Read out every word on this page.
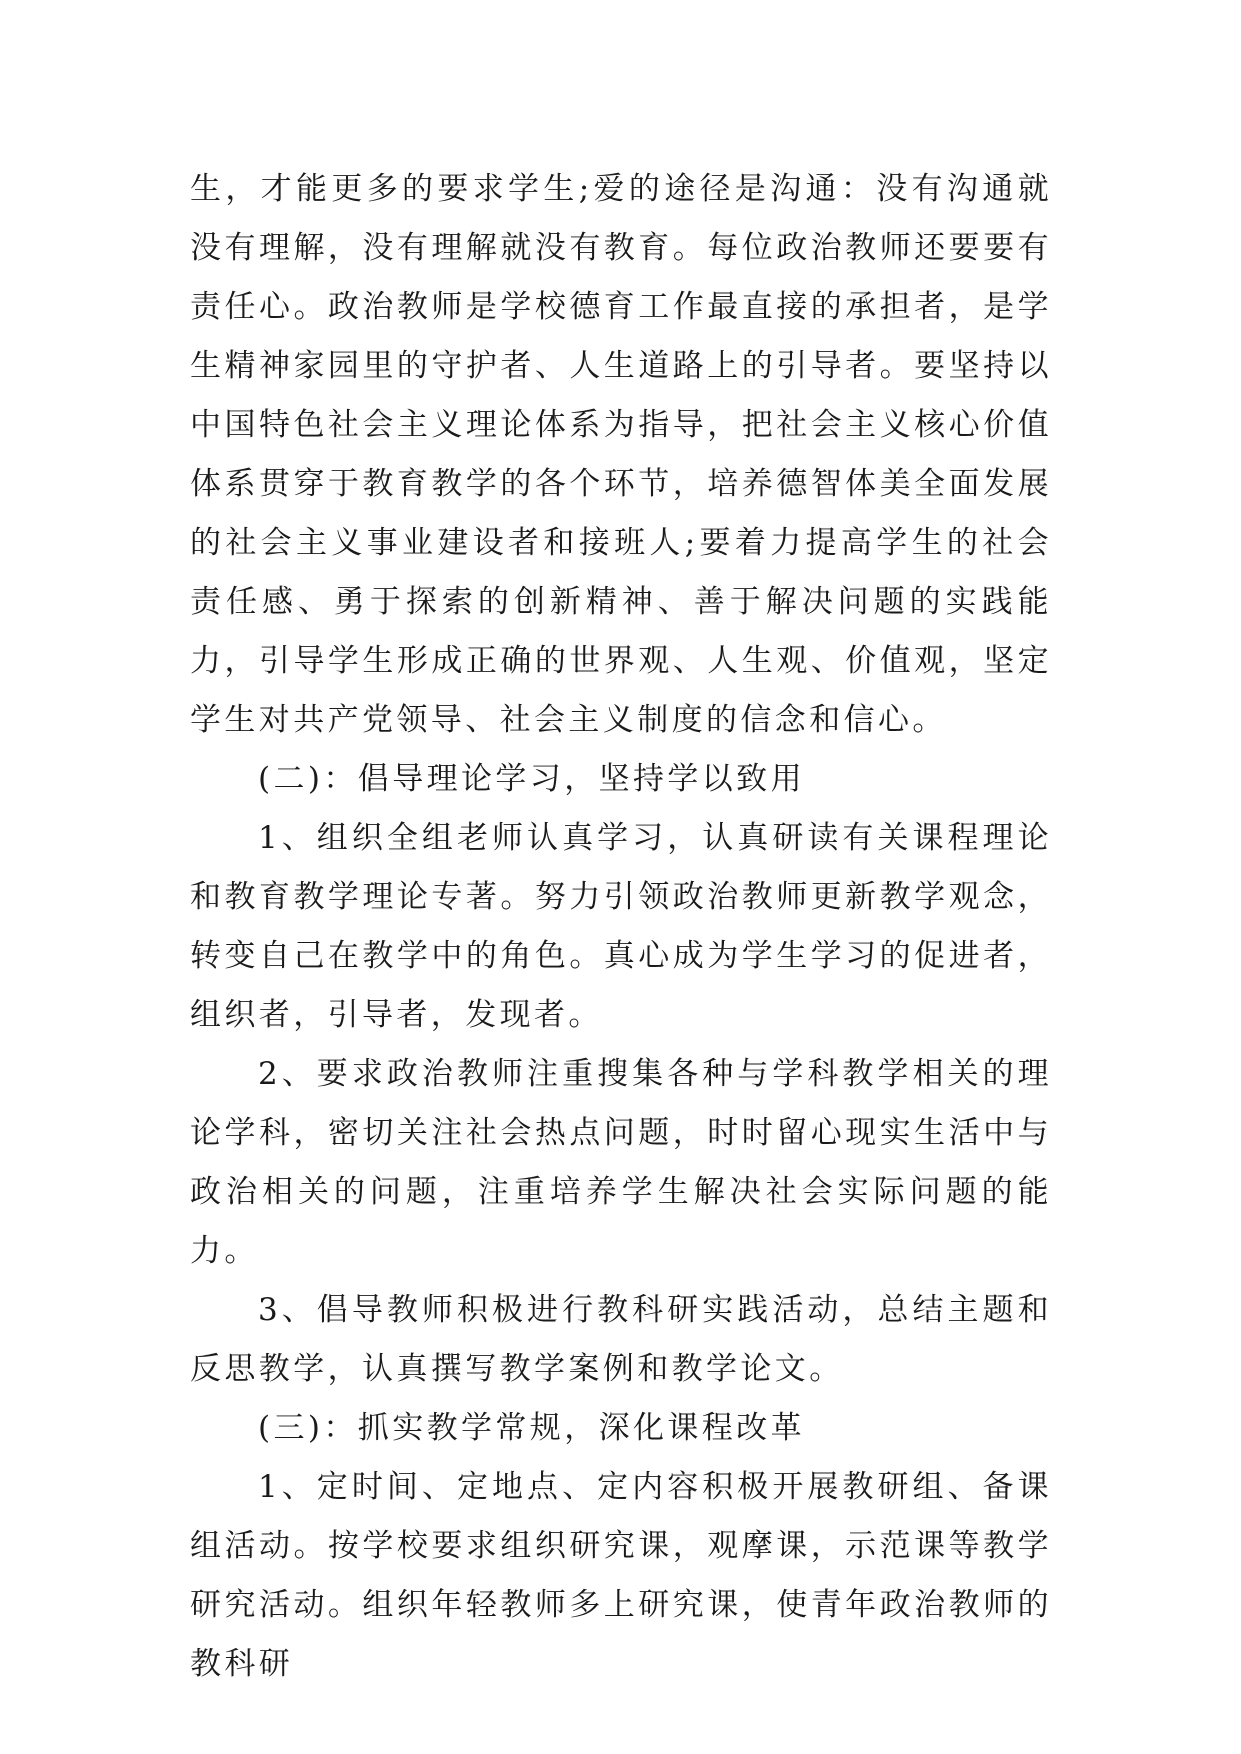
生，才能更多的要求学生;爱的途径是沟通：没有沟通就没有理解，没有理解就没有教育。每位政治教师还要要有责任心。政治教师是学校德育工作最直接的承担者，是学生精神家园里的守护者、人生道路上的引导者。要坚持以中国特色社会主义理论体系为指导，把社会主义核心价值体系贯穿于教育教学的各个环节，培养德智体美全面发展的社会主义事业建设者和接班人;要着力提高学生的社会责任感、勇于探索的创新精神、善于解决问题的实践能力，引导学生形成正确的世界观、人生观、价值观，坚定学生对共产党领导、社会主义制度的信念和信心。

(二)：倡导理论学习，坚持学以致用

1、组织全组老师认真学习，认真研读有关课程理论和教育教学理论专著。努力引领政治教师更新教学观念，转变自己在教学中的角色。真心成为学生学习的促进者，组织者，引导者，发现者。

2、要求政治教师注重搜集各种与学科教学相关的理论学科，密切关注社会热点问题，时时留心现实生活中与政治相关的问题，注重培养学生解决社会实际问题的能力。

3、倡导教师积极进行教科研实践活动，总结主题和反思教学，认真撰写教学案例和教学论文。

(三)：抓实教学常规，深化课程改革

1、定时间、定地点、定内容积极开展教研组、备课组活动。按学校要求组织研究课，观摩课，示范课等教学研究活动。组织年轻教师多上研究课，使青年政治教师的教科研
